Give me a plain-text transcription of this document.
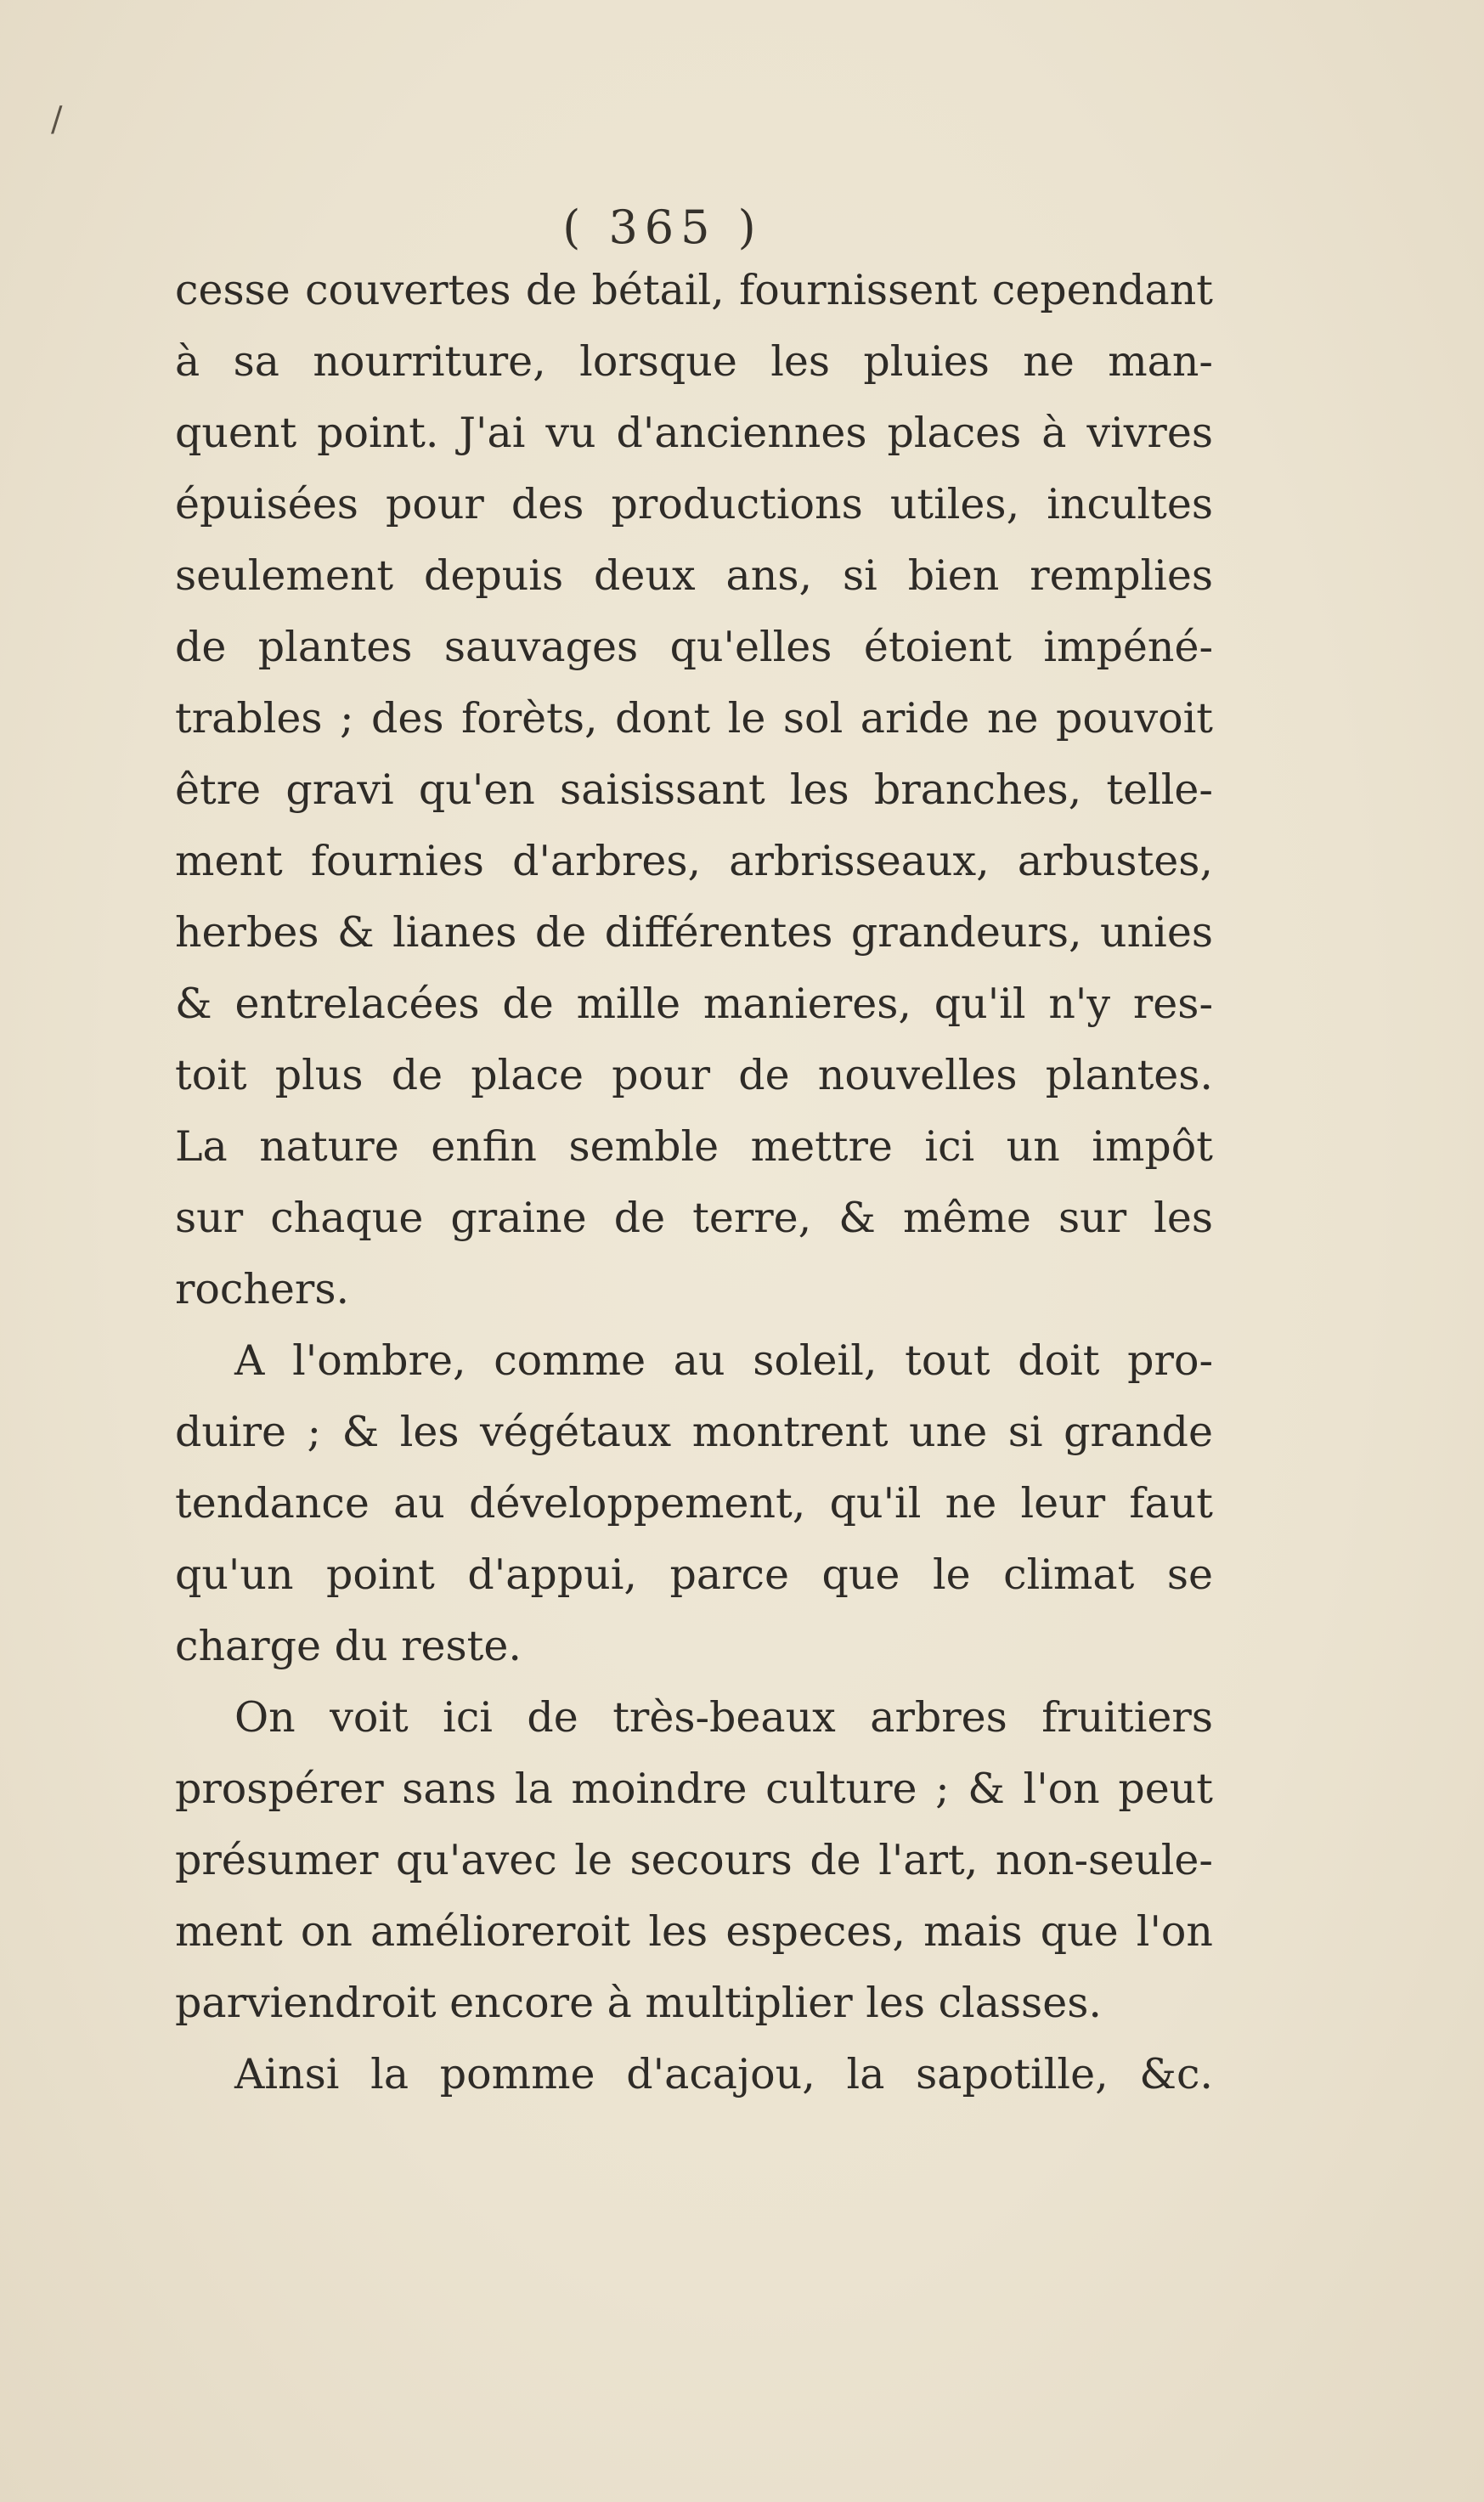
/
( 365 )
cesse couvertes de bétail, fournissent cependant
à sa nourriture, lorsque les pluies ne man-
quent point. J'ai vu d'anciennes places à vivres
épuisées pour des productions utiles, incultes
seulement depuis deux ans, si bien remplies
de plantes sauvages qu'elles étoient impéné-
trables ; des forèts, dont le sol aride ne pouvoit
être gravi qu'en saisissant les branches, telle-
ment fournies d'arbres, arbrisseaux, arbustes,
herbes & lianes de différentes grandeurs, unies
& entrelacées de mille manieres, qu'il n'y res-
toit plus de place pour de nouvelles plantes.
La nature enfin semble mettre ici un impôt
sur chaque graine de terre, & même sur les
rochers.
A l'ombre, comme au soleil, tout doit pro-
duire ; & les végétaux montrent une si grande
tendance au développement, qu'il ne leur faut
qu'un point d'appui, parce que le climat se
charge du reste.
On voit ici de très-beaux arbres fruitiers
prospérer sans la moindre culture ; & l'on peut
présumer qu'avec le secours de l'art, non-seule-
ment on amélioreroit les especes, mais que l'on
parviendroit encore à multiplier les classes.
Ainsi la pomme d'acajou, la sapotille, &c.
